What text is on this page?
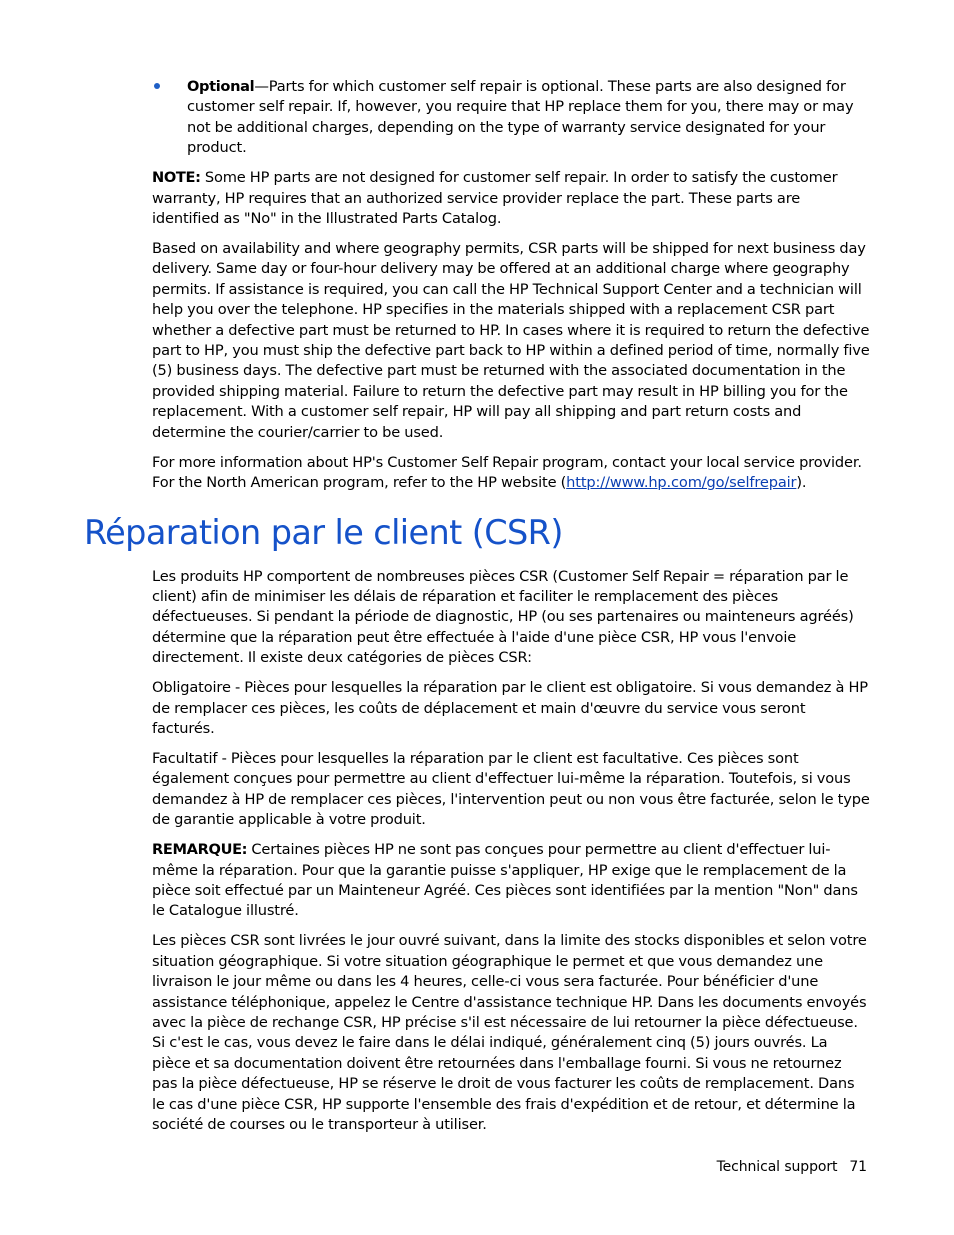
Optional—Parts for which customer self repair is optional. These parts are also designed for customer self repair. If, however, you require that HP replace them for you, there may or may not be additional charges, depending on the type of warranty service designated for your product.

NOTE: Some HP parts are not designed for customer self repair. In order to satisfy the customer warranty, HP requires that an authorized service provider replace the part. These parts are identified as "No" in the Illustrated Parts Catalog.

Based on availability and where geography permits, CSR parts will be shipped for next business day delivery. Same day or four-hour delivery may be offered at an additional charge where geography permits. If assistance is required, you can call the HP Technical Support Center and a technician will help you over the telephone. HP specifies in the materials shipped with a replacement CSR part whether a defective part must be returned to HP. In cases where it is required to return the defective part to HP, you must ship the defective part back to HP within a defined period of time, normally five (5) business days. The defective part must be returned with the associated documentation in the provided shipping material. Failure to return the defective part may result in HP billing you for the replacement. With a customer self repair, HP will pay all shipping and part return costs and determine the courier/carrier to be used.

For more information about HP's Customer Self Repair program, contact your local service provider. For the North American program, refer to the HP website (http://www.hp.com/go/selfrepair).

Réparation par le client (CSR)

Les produits HP comportent de nombreuses pièces CSR (Customer Self Repair = réparation par le client) afin de minimiser les délais de réparation et faciliter le remplacement des pièces défectueuses. Si pendant la période de diagnostic, HP (ou ses partenaires ou mainteneurs agréés) détermine que la réparation peut être effectuée à l'aide d'une pièce CSR, HP vous l'envoie directement. Il existe deux catégories de pièces CSR:

Obligatoire - Pièces pour lesquelles la réparation par le client est obligatoire. Si vous demandez à HP de remplacer ces pièces, les coûts de déplacement et main d'œuvre du service vous seront facturés.

Facultatif - Pièces pour lesquelles la réparation par le client est facultative. Ces pièces sont également conçues pour permettre au client d'effectuer lui-même la réparation. Toutefois, si vous demandez à HP de remplacer ces pièces, l'intervention peut ou non vous être facturée, selon le type de garantie applicable à votre produit.

REMARQUE: Certaines pièces HP ne sont pas conçues pour permettre au client d'effectuer lui-même la réparation. Pour que la garantie puisse s'appliquer, HP exige que le remplacement de la pièce soit effectué par un Mainteneur Agréé. Ces pièces sont identifiées par la mention "Non" dans le Catalogue illustré.

Les pièces CSR sont livrées le jour ouvré suivant, dans la limite des stocks disponibles et selon votre situation géographique. Si votre situation géographique le permet et que vous demandez une livraison le jour même ou dans les 4 heures, celle-ci vous sera facturée. Pour bénéficier d'une assistance téléphonique, appelez le Centre d'assistance technique HP. Dans les documents envoyés avec la pièce de rechange CSR, HP précise s'il est nécessaire de lui retourner la pièce défectueuse. Si c'est le cas, vous devez le faire dans le délai indiqué, généralement cinq (5) jours ouvrés. La pièce et sa documentation doivent être retournées dans l'emballage fourni. Si vous ne retournez pas la pièce défectueuse, HP se réserve le droit de vous facturer les coûts de remplacement. Dans le cas d'une pièce CSR, HP supporte l'ensemble des frais d'expédition et de retour, et détermine la société de courses ou le transporteur à utiliser.

Technical support 71
